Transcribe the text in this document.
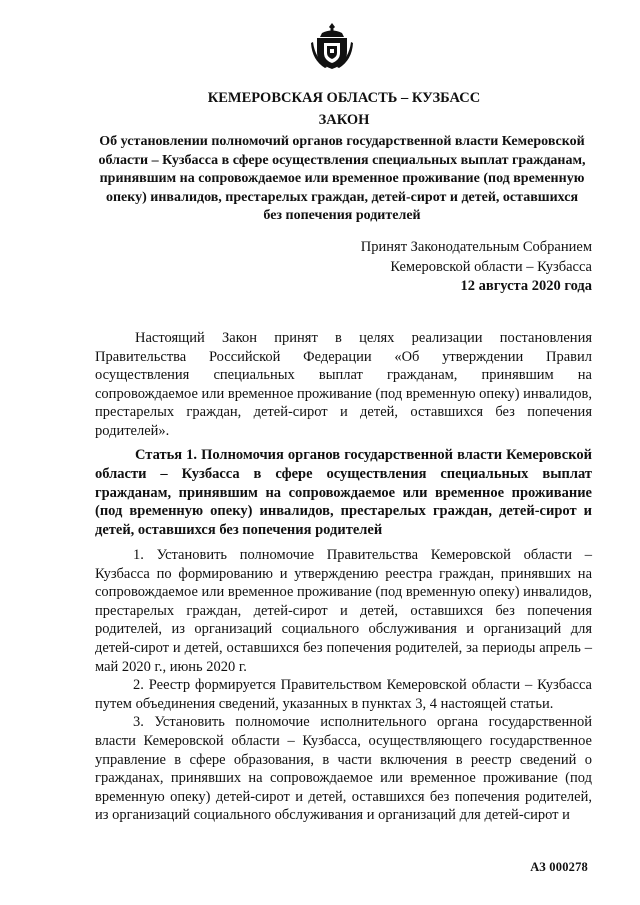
КЕМЕРОВСКАЯ ОБЛАСТЬ – КУЗБАСС
ЗАКОН
Об установлении полномочий органов государственной власти Кемеровской области – Кузбасса в сфере осуществления специальных выплат гражданам, принявшим на сопровождаемое или временное проживание (под временную опеку) инвалидов, престарелых граждан, детей-сирот и детей, оставшихся без попечения родителей
Принят Законодательным Собранием
Кемеровской области – Кузбасса
12 августа 2020 года

Настоящий Закон принят в целях реализации постановления Правительства Российской Федерации «Об утверждении Правил осуществления специальных выплат гражданам, принявшим на сопровождаемое или временное проживание (под временную опеку) инвалидов, престарелых граждан, детей-сирот и детей, оставшихся без попечения родителей».

Статья 1. Полномочия органов государственной власти Кемеровской области – Кузбасса в сфере осуществления специальных выплат гражданам, принявшим на сопровождаемое или временное проживание (под временную опеку) инвалидов, престарелых граждан, детей-сирот и детей, оставшихся без попечения родителей

1. Установить полномочие Правительства Кемеровской области – Кузбасса по формированию и утверждению реестра граждан, принявших на сопровождаемое или временное проживание (под временную опеку) инвалидов, престарелых граждан, детей-сирот и детей, оставшихся без попечения родителей, из организаций социального обслуживания и организаций для детей-сирот и детей, оставшихся без попечения родителей, за периоды апрель – май 2020 г., июнь 2020 г.

2. Реестр формируется Правительством Кемеровской области – Кузбасса путем объединения сведений, указанных в пунктах 3, 4 настоящей статьи.

3. Установить полномочие исполнительного органа государственной власти Кемеровской области – Кузбасса, осуществляющего государственное управление в сфере образования, в части включения в реестр сведений о гражданах, принявших на сопровождаемое или временное проживание (под временную опеку) детей-сирот и детей, оставшихся без попечения родителей, из организаций социального обслуживания и организаций для детей-сирот и

АЗ 000278
